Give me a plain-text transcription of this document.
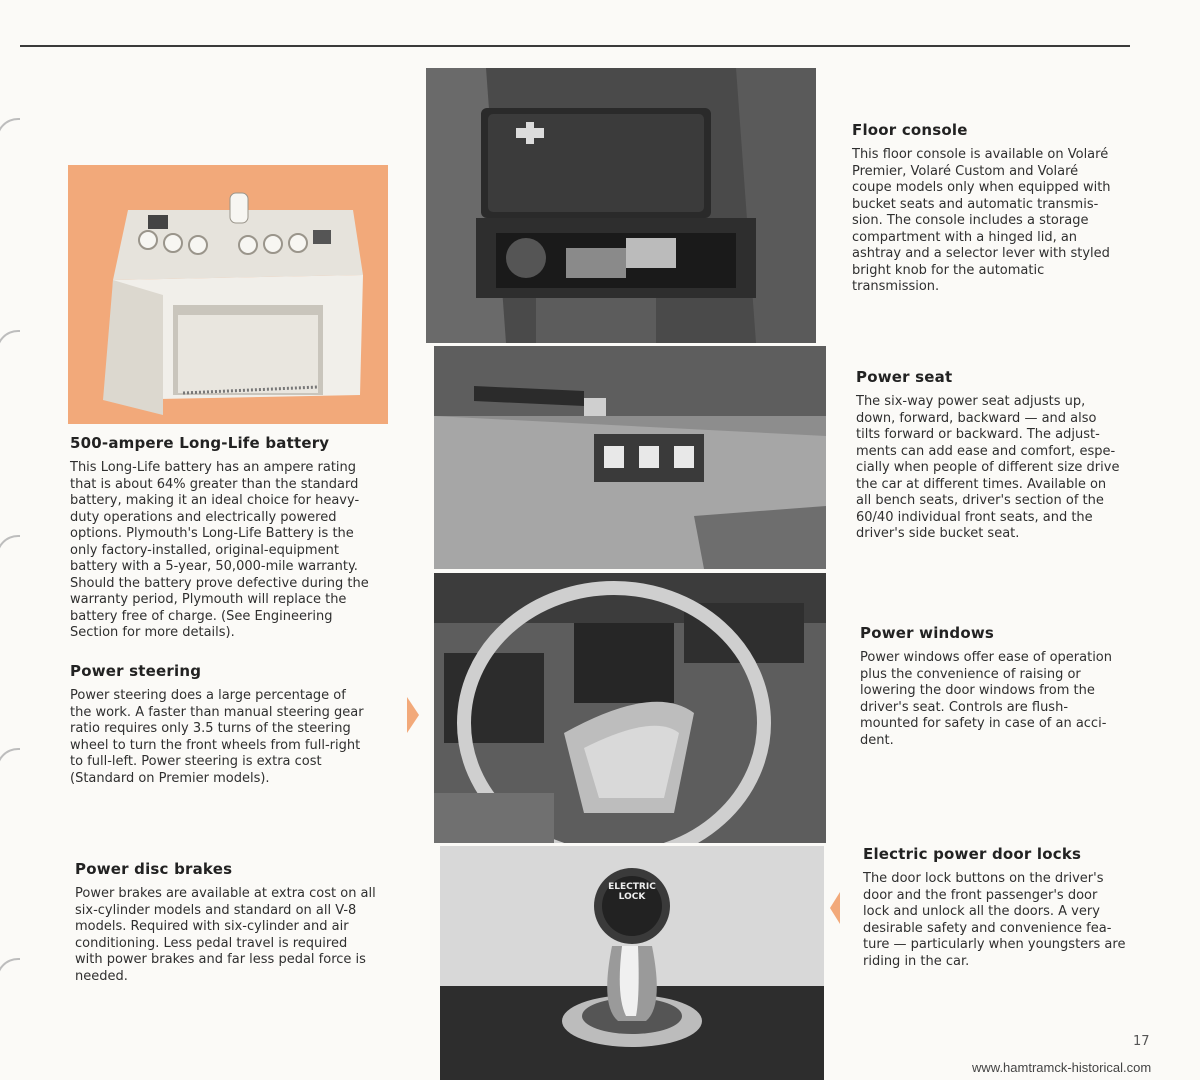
ELECTRIC LOCK
500-ampere Long-Life battery

This Long-Life battery has an ampere rating
that is about 64% greater than the standard
battery, making it an ideal choice for heavy-
duty operations and electrically powered
options. Plymouth's Long-Life Battery is the
only factory-installed, original-equipment
battery with a 5-year, 50,000-mile warranty.
Should the battery prove defective during the
warranty period, Plymouth will replace the
battery free of charge. (See Engineering
Section for more details).

Power steering

Power steering does a large percentage of
the work. A faster than manual steering gear
ratio requires only 3.5 turns of the steering
wheel to turn the front wheels from full-right
to full-left. Power steering is extra cost
(Standard on Premier models).

Power disc brakes

Power brakes are available at extra cost on all
six-cylinder models and standard on all V-8
models. Required with six-cylinder and air
conditioning. Less pedal travel is required
with power brakes and far less pedal force is
needed.

Floor console

This floor console is available on Volaré
Premier, Volaré Custom and Volaré
coupe models only when equipped with
bucket seats and automatic transmis-
sion. The console includes a storage
compartment with a hinged lid, an
ashtray and a selector lever with styled
bright knob for the automatic
transmission.

Power seat

The six-way power seat adjusts up,
down, forward, backward — and also
tilts forward or backward. The adjust-
ments can add ease and comfort, espe-
cially when people of different size drive
the car at different times. Available on
all bench seats, driver's section of the
60/40 individual front seats, and the
driver's side bucket seat.

Power windows

Power windows offer ease of operation
plus the convenience of raising or
lowering the door windows from the
driver's seat. Controls are flush-
mounted for safety in case of an acci-
dent.

Electric power door locks

The door lock buttons on the driver's
door and the front passenger's door
lock and unlock all the doors. A very
desirable safety and convenience fea-
ture — particularly when youngsters are
riding in the car.

17
www.hamtramck-historical.com
